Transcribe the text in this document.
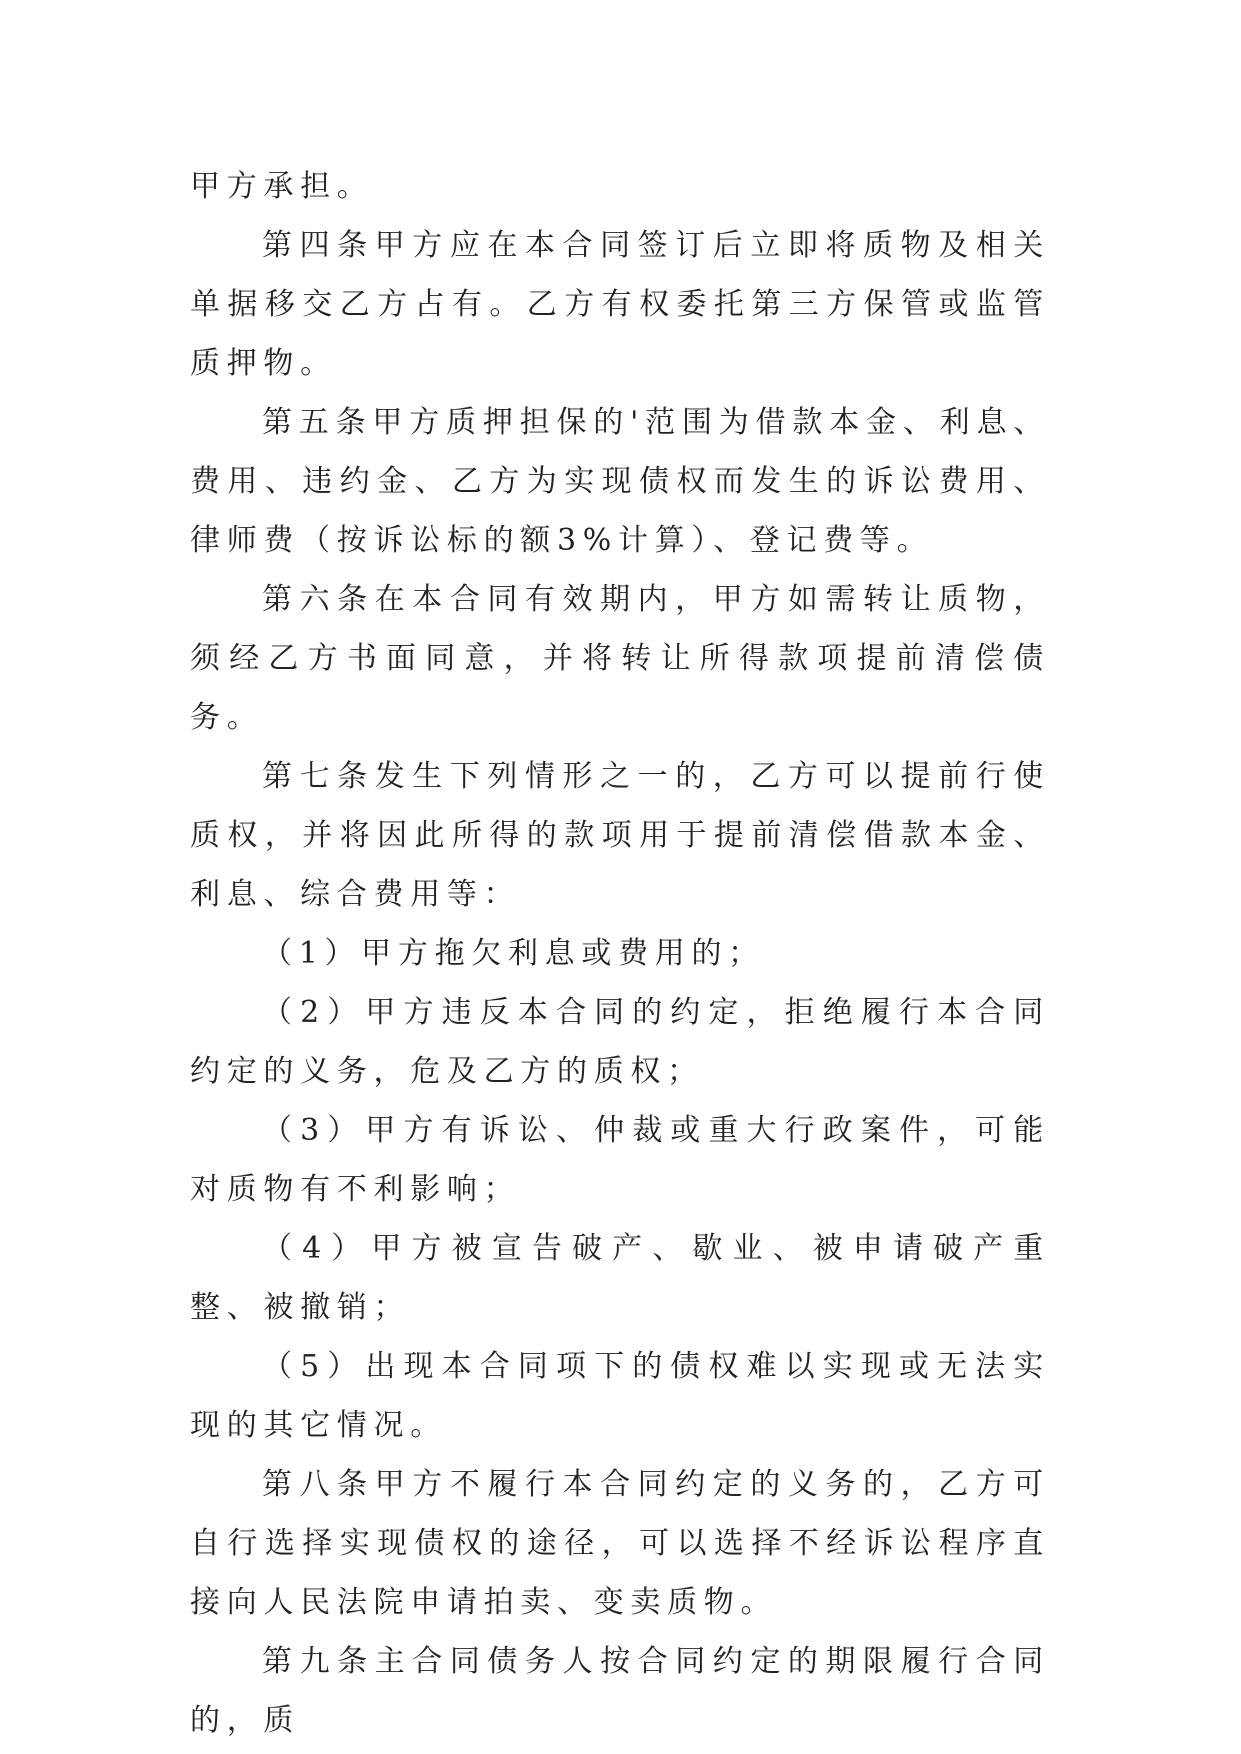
甲方承担。

第四条甲方应在本合同签订后立即将质物及相关单据移交乙方占有。乙方有权委托第三方保管或监管质押物。

第五条甲方质押担保的'范围为借款本金、利息、费用、违约金、乙方为实现债权而发生的诉讼费用、律师费（按诉讼标的额3%计算）、登记费等。

第六条在本合同有效期内，甲方如需转让质物，须经乙方书面同意，并将转让所得款项提前清偿债务。

第七条发生下列情形之一的，乙方可以提前行使质权，并将因此所得的款项用于提前清偿借款本金、利息、综合费用等：

（1）甲方拖欠利息或费用的；

（2）甲方违反本合同的约定，拒绝履行本合同约定的义务，危及乙方的质权；

（3）甲方有诉讼、仲裁或重大行政案件，可能对质物有不利影响；

（4）甲方被宣告破产、歇业、被申请破产重整、被撤销；

（5）出现本合同项下的债权难以实现或无法实现的其它情况。

第八条甲方不履行本合同约定的义务的，乙方可自行选择实现债权的途径，可以选择不经诉讼程序直接向人民法院申请拍卖、变卖质物。

第九条主合同债务人按合同约定的期限履行合同的，质
